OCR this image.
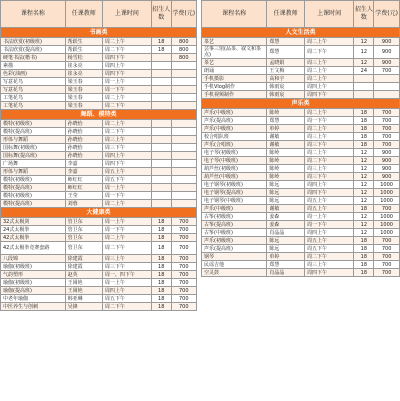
课程名称	任课教师	上课时间	招生人数	学费(元)
书画类				
书法欣赏(初级班)	帮跃生	周二上午	18	800
书法欣赏(提高班)	帮跃生	周二下午	18	800
硬笔书法(楷书)	杨雪松	周四下午		800
素描	崔永亮	周四上午		
色彩(油画)	崔永亮	周四下午		
写意花鸟	梁玉春	周一上午		
写意花鸟	梁玉春	周一下午		
工笔花鸟	梁玉春	周二上午		
工笔花鸟	梁玉春	周二下午		
舞蹈、模特类				
模特(初级班)	孙晓怡	周二上午		
模特(提高班)	孙晓怡	周二下午		
形体与舞蹈	孙晓怡	周三上午		
国标舞(初级班)	孙晓怡	周三下午		
国标舞(提高班)	孙晓怡	周四上午		
广场舞	李嘉	周四下午		
形体与舞蹈	李嘉	周五上午		
模特(初级班)	师红红	周五下午		
模特(提高班)	师红红	周一上午		
模特(初级班)	王莹	周一下午		
模特(提高班)	刘蓉	周二上午		
大健康类				
32式太极剑	管卫东	周一上午	18	700
24式太极拳	管卫东	周一下午	18	700
42式太极拳	管卫东	周二上午	18	700
42式太极拳竞赛套路	管卫东	周二下午	18	700
八段锦	徐建霞	周三上午	18	700
瑜伽(初级班)	徐建霞	周三下午	18	700
气韵塑形	赵英	周一、四下午	18	700
瑜伽(初级班)	王岡艳	周一上午	18	700
瑜伽(提高班)	王岡艳	周四上午	18	700
中老年瑜伽	韩亚琳	周五下午	18	700
中医养生与创刺	吴锋	周二下午	18	700
课程名称	任课教师	上课时间	招生人数	学费(元)
人文生活类				
茶艺	郑慧	周二上午	12	900
芸事三馆(品茶、叙文和茶点)	郑慧	周二下午	12	900
茶艺	孟晓娟	周三上午	12	900
朗诵	王文梅	周二上午	24	700
手机摄影	高和宇	周二上午		
手机Vlog制作	韩雨宸	周四上午		
手机视频制作	韩雨宸	周四下午		
声乐类				
声乐(中级班)	陈岭	周二上午	18	700
声乐(提高班)	郑慧	周一下午	18	700
声乐(中级班)	单婷	周二上午	18	700
校合唱队班	谢敏	周三上午	18	700
声乐(合唱班)	谢敏	周三下午	18	700
电子琴(初级班)	陈岭	周二上午	12	900
电子琴(中级班)	陈岭	周二下午	12	900
葫芦丝(初级班)	陈岭	周三上午	12	900
葫芦丝(中级班)	陈岭	周三下午	12	900
电子钢琴(初级班)	陈远	周四上午	12	1000
电子钢琴(提高班)	陈远	周四下午	12	1000
电子钢琴(中级班)	陈远	周五上午	12	1000
声乐(中级班)	谢敏	周五上午	18	700
古筝(初级班)	姜森	周一上午	12	1000
古筝(提高班)	姜森	周一下午	12	1000
古筝(中级班)	肖晶晶	周四上午	12	1000
声乐(初级班)	陈远	周五上午	18	700
声乐(提高班)	陈远	周五下午	18	700
钢琴	单婷	周二下午	18	700
民谣吉他	郑慧	周三上午	18	700
空灵鼓	肖晶晶	周四下午	18	700
